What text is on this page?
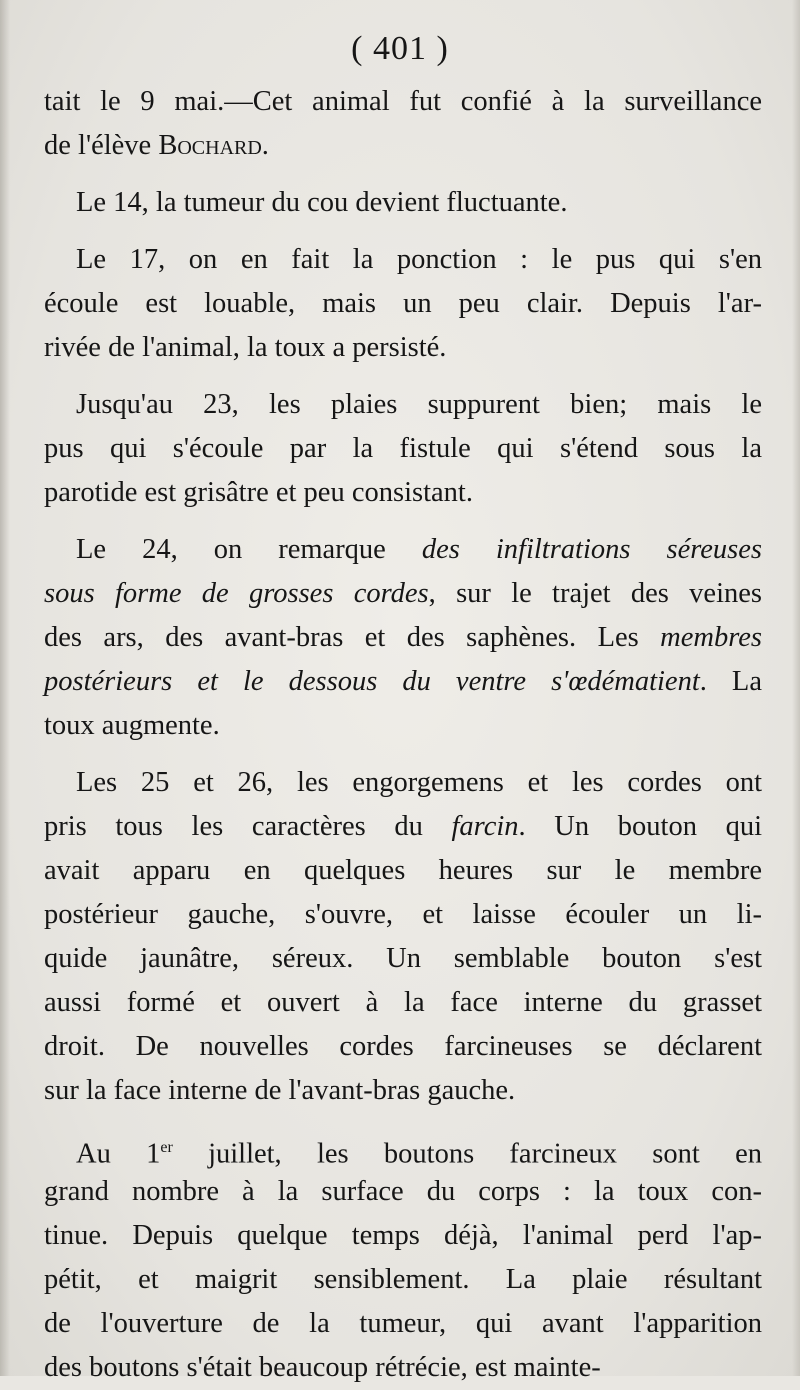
( 401 )
tait le 9 mai.—Cet animal fut confié à la surveillance
de l'élève Bochard.
Le 14, la tumeur du cou devient fluctuante.
Le 17, on en fait la ponction : le pus qui s'en
écoule est louable, mais un peu clair. Depuis l'ar-
rivée de l'animal, la toux a persisté.
Jusqu'au 23, les plaies suppurent bien; mais le
pus qui s'écoule par la fistule qui s'étend sous la
parotide est grisâtre et peu consistant.
Le 24, on remarque des infiltrations séreuses
sous forme de grosses cordes, sur le trajet des veines
des ars, des avant-bras et des saphènes. Les membres
postérieurs et le dessous du ventre s'œdématient. La
toux augmente.
Les 25 et 26, les engorgemens et les cordes ont
pris tous les caractères du farcin. Un bouton qui
avait apparu en quelques heures sur le membre
postérieur gauche, s'ouvre, et laisse écouler un li-
quide jaunâtre, séreux. Un semblable bouton s'est
aussi formé et ouvert à la face interne du grasset
droit. De nouvelles cordes farcineuses se déclarent
sur la face interne de l'avant-bras gauche.
Au 1er juillet, les boutons farcineux sont en
grand nombre à la surface du corps : la toux con-
tinue. Depuis quelque temps déjà, l'animal perd l'ap-
pétit, et maigrit sensiblement. La plaie résultant
de l'ouverture de la tumeur, qui avant l'apparition
des boutons s'était beaucoup rétrécie, est mainte-
